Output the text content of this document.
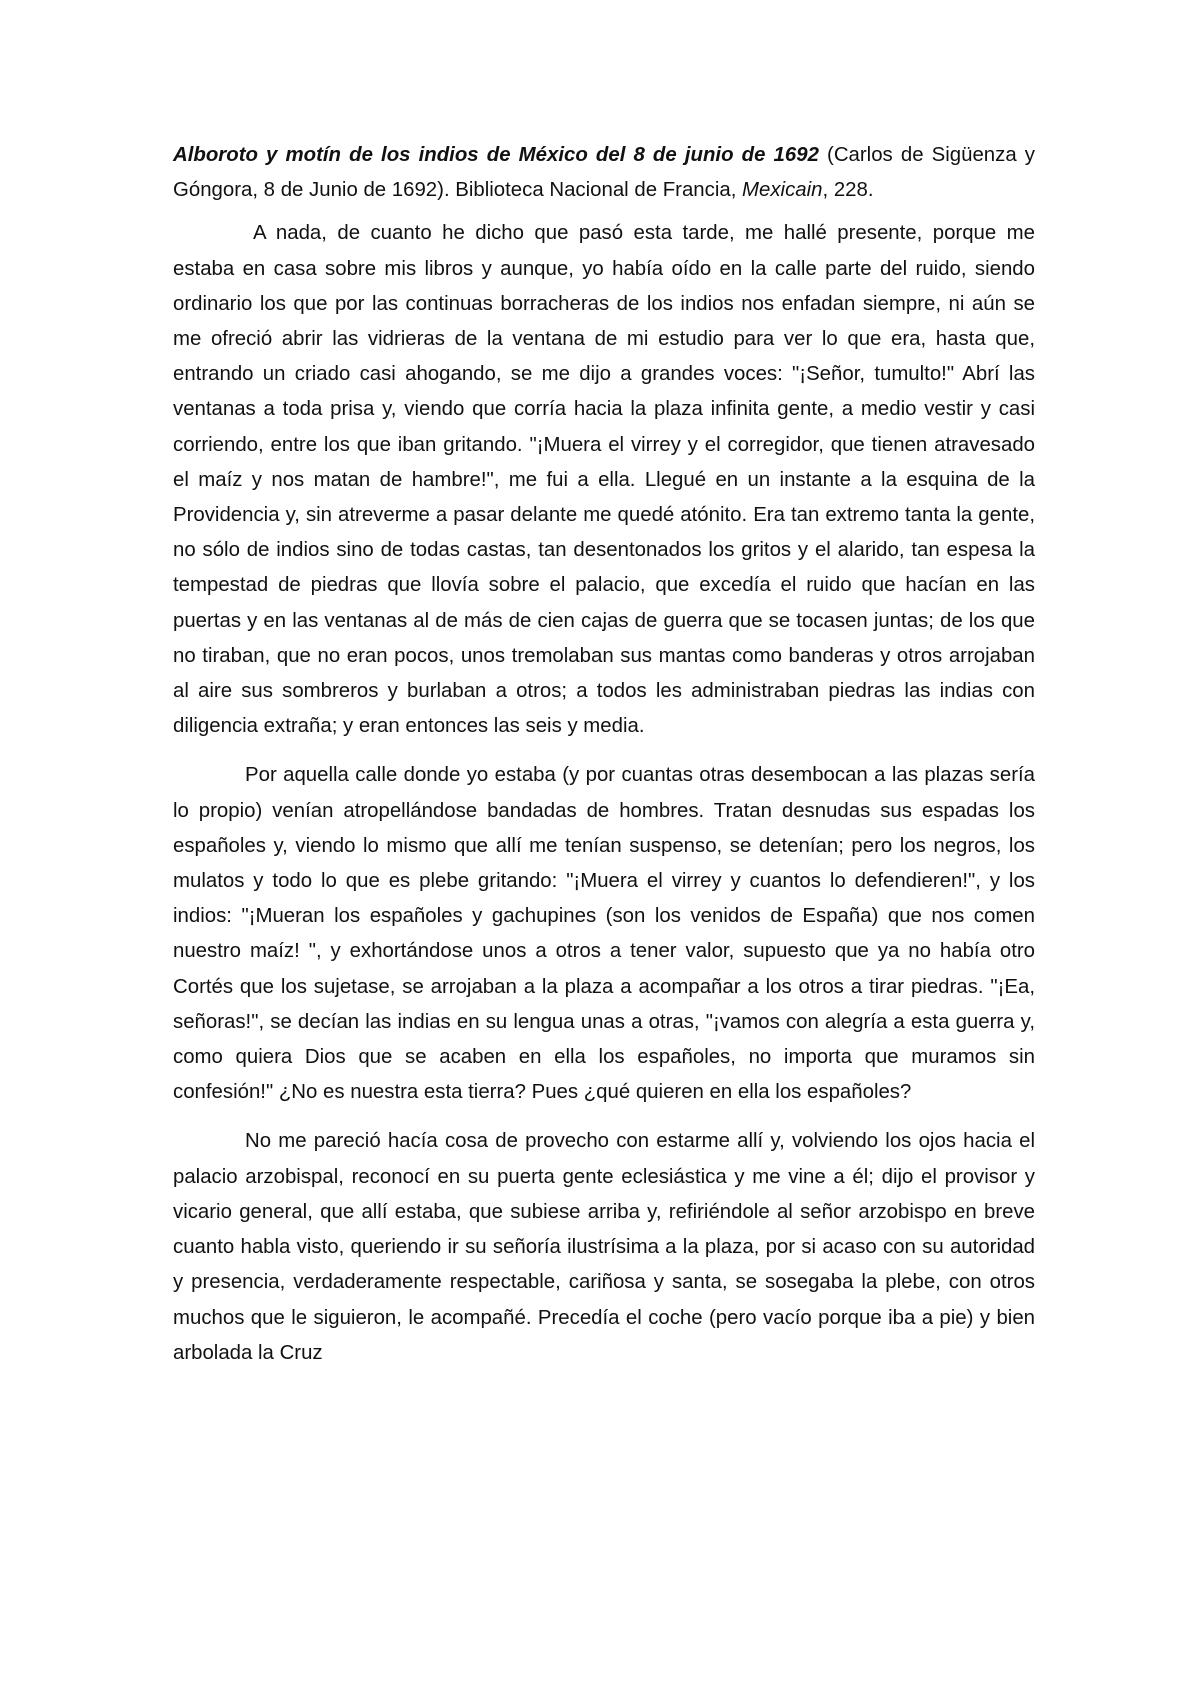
Alboroto y motín de los indios de México del 8 de junio de 1692 (Carlos de Sigüenza y Góngora, 8 de Junio de 1692). Biblioteca Nacional de Francia, Mexicain, 228.

A nada, de cuanto he dicho que pasó esta tarde, me hallé presente, porque me estaba en casa sobre mis libros y aunque, yo había oído en la calle parte del ruido, siendo ordinario los que por las continuas borracheras de los indios nos enfadan siempre, ni aún se me ofreció abrir las vidrieras de la ventana de mi estudio para ver lo que era, hasta que, entrando un criado casi ahogando, se me dijo a grandes voces: "¡Señor, tumulto!" Abrí las ventanas a toda prisa y, viendo que corría hacia la plaza infinita gente, a medio vestir y casi corriendo, entre los que iban gritando. "¡Muera el virrey y el corregidor, que tienen atravesado el maíz y nos matan de hambre!", me fui a ella. Llegué en un instante a la esquina de la Providencia y, sin atreverme a pasar delante me quedé atónito. Era tan extremo tanta la gente, no sólo de indios sino de todas castas, tan desentonados los gritos y el alarido, tan espesa la tempestad de piedras que llovía sobre el palacio, que excedía el ruido que hacían en las puertas y en las ventanas al de más de cien cajas de guerra que se tocasen juntas; de los que no tiraban, que no eran pocos, unos tremolaban sus mantas como banderas y otros arrojaban al aire sus sombreros y burlaban a otros; a todos les administraban piedras las indias con diligencia extraña; y eran entonces las seis y media.

Por aquella calle donde yo estaba (y por cuantas otras desembocan a las plazas sería lo propio) venían atropellándose bandadas de hombres. Tratan desnudas sus espadas los españoles y, viendo lo mismo que allí me tenían suspenso, se detenían; pero los negros, los mulatos y todo lo que es plebe gritando: "¡Muera el virrey y cuantos lo defendieren!", y los indios: "¡Mueran los españoles y gachupines (son los venidos de España) que nos comen nuestro maíz! ", y exhortándose unos a otros a tener valor, supuesto que ya no había otro Cortés que los sujetase, se arrojaban a la plaza a acompañar a los otros a tirar piedras. "¡Ea, señoras!", se decían las indias en su lengua unas a otras, "¡vamos con alegría a esta guerra y, como quiera Dios que se acaben en ella los españoles, no importa que muramos sin confesión!" ¿No es nuestra esta tierra? Pues ¿qué quieren en ella los españoles?

No me pareció hacía cosa de provecho con estarme allí y, volviendo los ojos hacia el palacio arzobispal, reconocí en su puerta gente eclesiástica y me vine a él; dijo el provisor y vicario general, que allí estaba, que subiese arriba y, refiriéndole al señor arzobispo en breve cuanto habla visto, queriendo ir su señoría ilustrísima a la plaza, por si acaso con su autoridad y presencia, verdaderamente respectable, cariñosa y santa, se sosegaba la plebe, con otros muchos que le siguieron, le acompañé. Precedía el coche (pero vacío porque iba a pie) y bien arbolada la Cruz
